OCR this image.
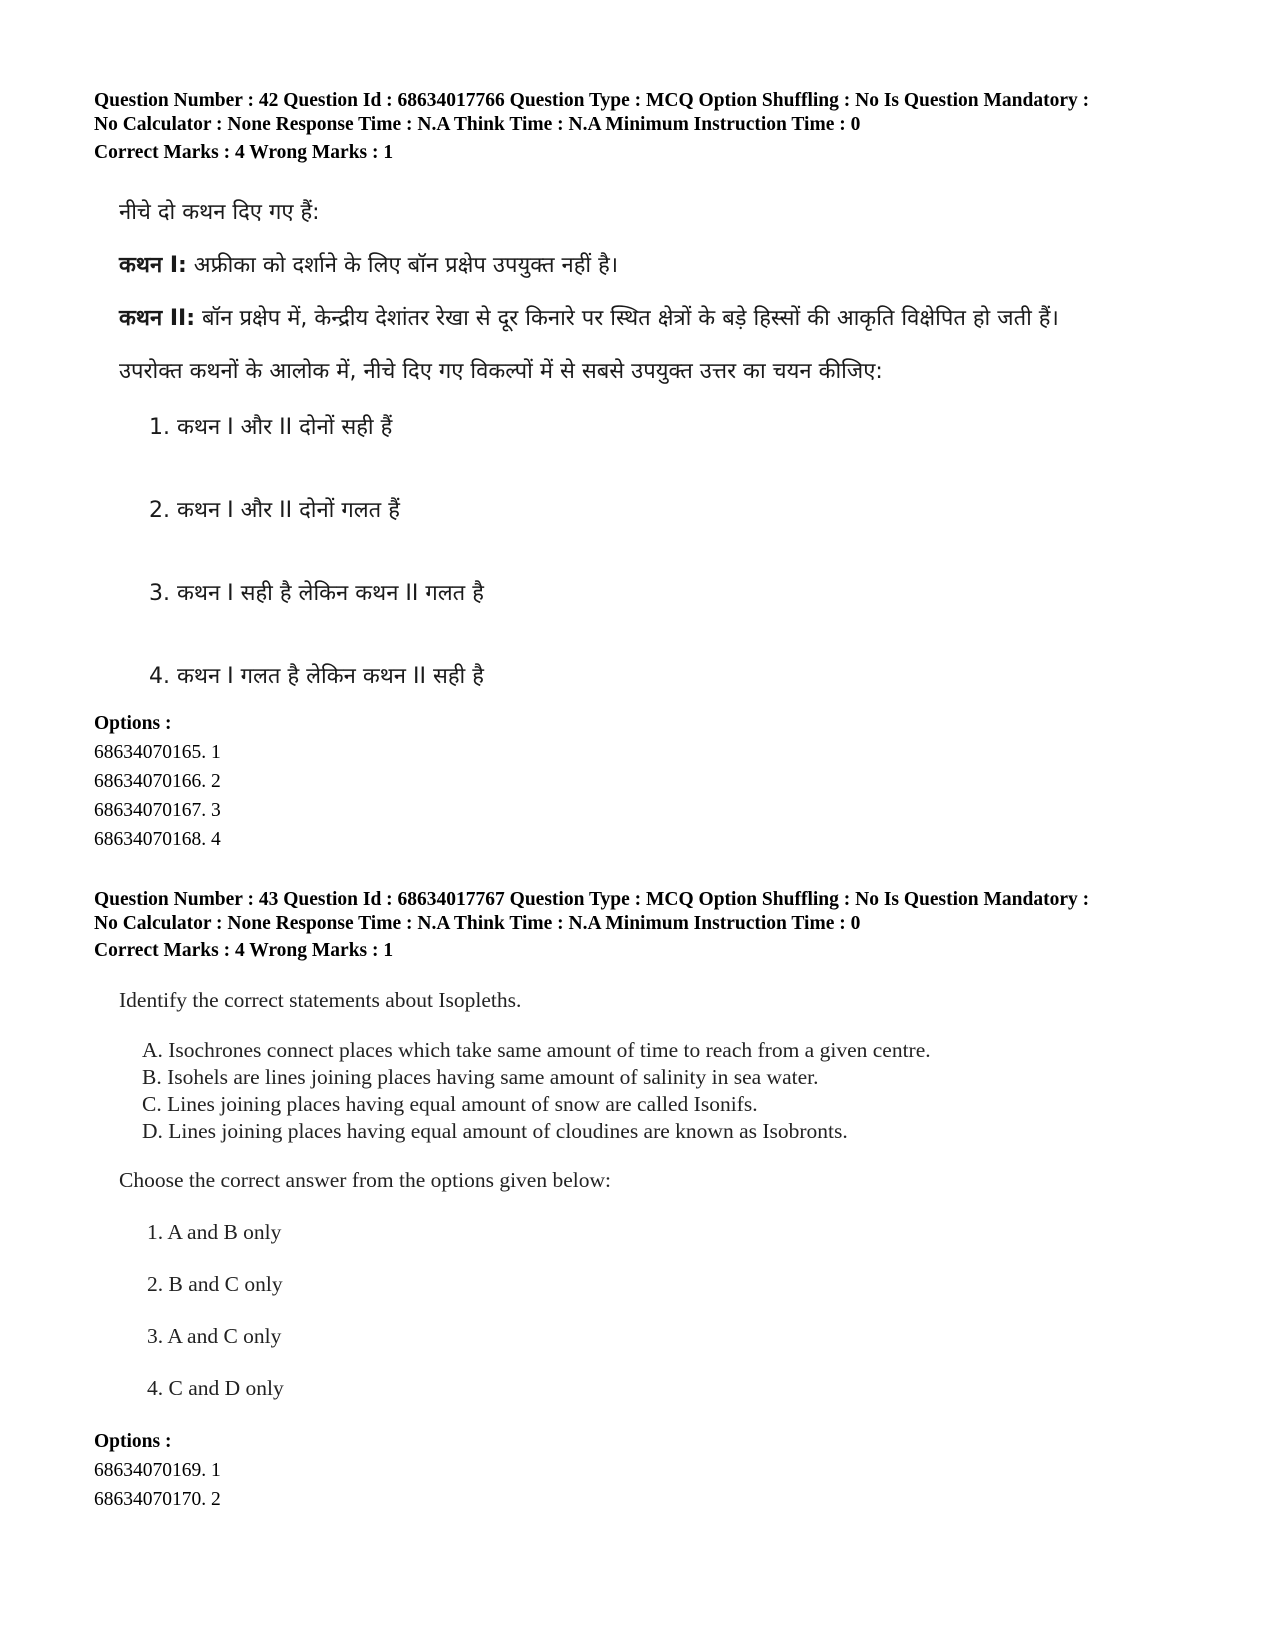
Question Number : 42 Question Id : 68634017766 Question Type : MCQ Option Shuffling : No Is Question Mandatory :

No Calculator : None Response Time : N.A Think Time : N.A Minimum Instruction Time : 0

Correct Marks : 4 Wrong Marks : 1
नीचे दो कथन दिए गए हैं:
कथन I: अफ्रीका को दर्शाने के लिए बॉन प्रक्षेप उपयुक्त नहीं है।
कथन II: बॉन प्रक्षेप में, केन्द्रीय देशांतर रेखा से दूर किनारे पर स्थित क्षेत्रों के बड़े हिस्सों की आकृति विक्षेपित हो जती हैं।
उपरोक्त कथनों के आलोक में, नीचे दिए गए विकल्पों में से सबसे उपयुक्त उत्तर का चयन कीजिए:
1. कथन I और II दोनों सही हैं
2. कथन I और II दोनों गलत हैं
3. कथन I सही है लेकिन कथन II गलत है
4. कथन I गलत है लेकिन कथन II सही है
Options :
68634070165. 1
68634070166. 2
68634070167. 3
68634070168. 4

Question Number : 43 Question Id : 68634017767 Question Type : MCQ Option Shuffling : No Is Question Mandatory :

No Calculator : None Response Time : N.A Think Time : N.A Minimum Instruction Time : 0

Correct Marks : 4 Wrong Marks : 1
Identify the correct statements about Isopleths.
A. Isochrones connect places which take same amount of time to reach from a given centre.
B. Isohels are lines joining places having same amount of salinity in sea water.
C. Lines joining places having equal amount of snow are called Isonifs.
D. Lines joining places having equal amount of cloudines are known as Isobronts.
Choose the correct answer from the options given below:
1. A and B only
2. B and C only
3. A and C only
4. C and D only
Options :
68634070169. 1
68634070170. 2
